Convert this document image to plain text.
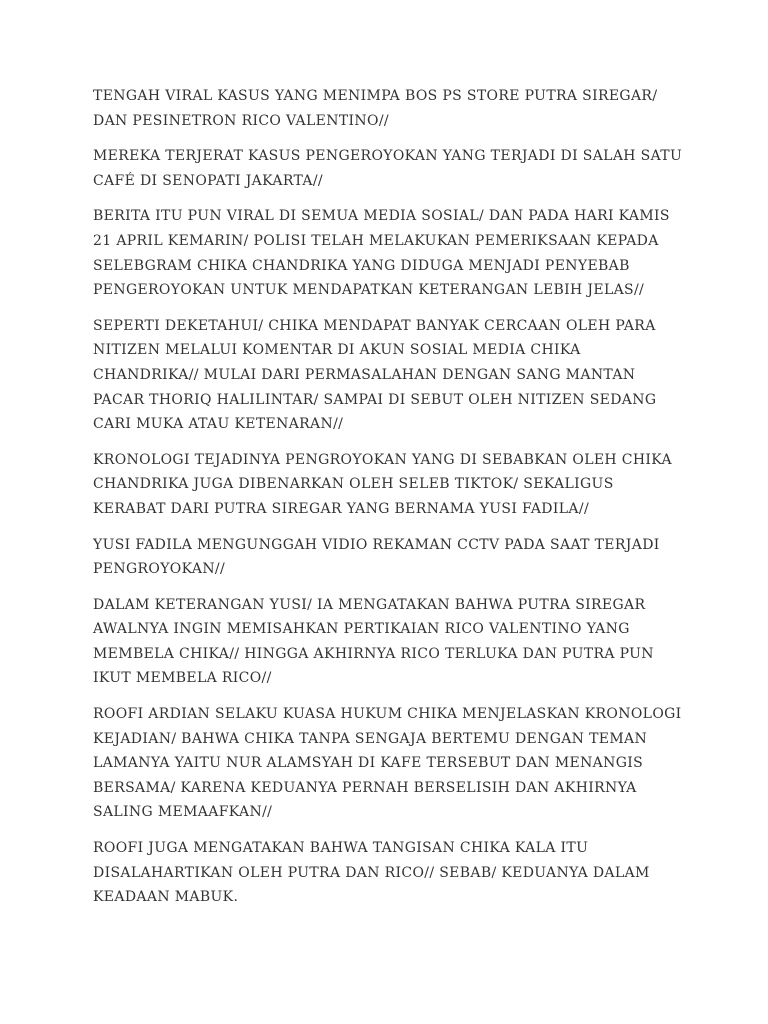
TENGAH VIRAL KASUS YANG MENIMPA BOS PS STORE PUTRA SIREGAR/ DAN PESINETRON RICO VALENTINO//

MEREKA TERJERAT KASUS PENGEROYOKAN YANG TERJADI DI SALAH SATU CAFÉ DI SENOPATI JAKARTA//

BERITA ITU PUN VIRAL DI SEMUA MEDIA SOSIAL/ DAN PADA HARI KAMIS 21 APRIL KEMARIN/ POLISI TELAH MELAKUKAN PEMERIKSAAN KEPADA SELEBGRAM CHIKA CHANDRIKA YANG DIDUGA MENJADI PENYEBAB PENGEROYOKAN UNTUK MENDAPATKAN KETERANGAN LEBIH JELAS//

SEPERTI DEKETAHUI/ CHIKA MENDAPAT BANYAK CERCAAN OLEH PARA NITIZEN MELALUI KOMENTAR DI AKUN SOSIAL MEDIA CHIKA CHANDRIKA// MULAI DARI PERMASALAHAN DENGAN SANG MANTAN PACAR THORIQ HALILINTAR/ SAMPAI DI SEBUT OLEH NITIZEN SEDANG CARI MUKA ATAU KETENARAN//

KRONOLOGI TEJADINYA PENGROYOKAN YANG DI SEBABKAN OLEH CHIKA CHANDRIKA JUGA DIBENARKAN OLEH SELEB TIKTOK/ SEKALIGUS KERABAT DARI PUTRA SIREGAR YANG BERNAMA YUSI FADILA//

YUSI FADILA MENGUNGGAH VIDIO REKAMAN CCTV PADA SAAT TERJADI PENGROYOKAN//

DALAM KETERANGAN YUSI/ IA MENGATAKAN BAHWA PUTRA SIREGAR AWALNYA INGIN MEMISAHKAN PERTIKAIAN RICO VALENTINO YANG MEMBELA CHIKA// HINGGA AKHIRNYA RICO TERLUKA DAN PUTRA PUN IKUT MEMBELA RICO//

ROOFI ARDIAN SELAKU KUASA HUKUM CHIKA MENJELASKAN KRONOLOGI KEJADIAN/ BAHWA CHIKA TANPA SENGAJA BERTEMU DENGAN TEMAN LAMANYA YAITU NUR ALAMSYAH DI KAFE TERSEBUT DAN MENANGIS BERSAMA/ KARENA KEDUANYA PERNAH BERSELISIH DAN AKHIRNYA SALING MEMAAFKAN//

ROOFI JUGA MENGATAKAN BAHWA TANGISAN CHIKA KALA ITU DISALAHARTIKAN OLEH PUTRA DAN RICO// SEBAB/ KEDUANYA DALAM KEADAAN MABUK.
